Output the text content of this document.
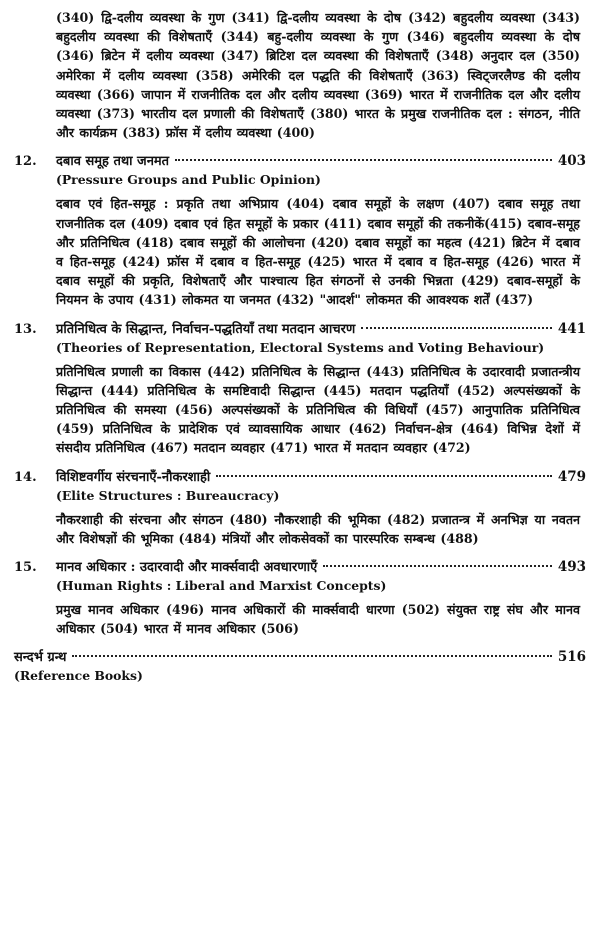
(340) द्वि-दलीय व्यवस्था के गुण (341) द्वि-दलीय व्यवस्था के दोष (342) बहुदलीय व्यवस्था (343) बहुदलीय व्यवस्था की विशेषताएँ (344) बहु-दलीय व्यवस्था के गुण (346) बहुदलीय व्यवस्था के दोष (346) ब्रिटेन में दलीय व्यवस्था (347) ब्रिटिश दल व्यवस्था की विशेषताएँ (348) अनुदार दल (350) अमेरिका में दलीय व्यवस्था (358) अमेरिकी दल पद्धति की विशेषताएँ (363) स्विट्जरलैण्ड की दलीय व्यवस्था (366) जापान में राजनीतिक दल और दलीय व्यवस्था (369) भारत में राजनीतिक दल और दलीय व्यवस्था (373) भारतीय दल प्रणाली की विशेषताएँ (380) भारत के प्रमुख राजनीतिक दल : संगठन, नीति और कार्यक्रम (383) फ्रॉस में दलीय व्यवस्था (400)

12.	दबाव समूह तथा जनमत	403
(Pressure Groups and Public Opinion)

दबाव एवं हित-समूह : प्रकृति तथा अभिप्राय (404) दबाव समूहों के लक्षण (407) दबाव समूह तथा राजनीतिक दल (409) दबाव एवं हित समूहों के प्रकार (411) दबाव समूहों की तकनीकें(415) दबाव-समूह और प्रतिनिधित्व (418) दबाव समूहों की आलोचना (420) दबाव समूहों का महत्व (421) ब्रिटेन में दबाव व हित-समूह (424) फ्रॉस में दबाव व हित-समूह (425) भारत में दबाव व हित-समूह (426) भारत में दबाव समूहों की प्रकृति, विशेषताएँ और पाश्चात्य हित संगठनों से उनकी भिन्नता (429) दबाव-समूहों के नियमन के उपाय (431) लोकमत या जनमत (432) "आदर्श" लोकमत की आवश्यक शर्तें (437)

13.	प्रतिनिधित्व के सिद्धान्त, निर्वाचन-पद्धतियाँ तथा मतदान आचरण	441
(Theories of Representation, Electoral Systems and Voting Behaviour)

प्रतिनिधित्व प्रणाली का विकास (442) प्रतिनिधित्व के सिद्धान्त (443) प्रतिनिधित्व के उदारवादी प्रजातन्त्रीय सिद्धान्त (444) प्रतिनिधित्व के समष्टिवादी सिद्धान्त (445) मतदान पद्धतियाँ (452) अल्पसंख्यकों के प्रतिनिधित्व की समस्या (456) अल्पसंख्यकों के प्रतिनिधित्व की विधियाँ (457) आनुपातिक प्रतिनिधित्व (459) प्रतिनिधित्व के प्रादेशिक एवं व्यावसायिक आधार (462) निर्वाचन-क्षेत्र (464) विभिन्न देशों में संसदीय प्रतिनिधित्व (467) मतदान व्यवहार (471) भारत में मतदान व्यवहार (472)

14.	विशिष्टवर्गीय संरचनाएँ-नौकरशाही	479
(Elite Structures : Bureaucracy)

नौकरशाही की संरचना और संगठन (480) नौकरशाही की भूमिका (482) प्रजातन्त्र में अनभिज्ञ या नवतन और विशेषज्ञों की भूमिका (484) मंत्रियों और लोकसेवकों का पारस्परिक सम्बन्ध (488)

15.	मानव अधिकार : उदारवादी और मार्क्सवादी अवधारणाएँ	493
(Human Rights : Liberal and Marxist Concepts)

प्रमुख मानव अधिकार (496) मानव अधिकारों की मार्क्सवादी धारणा (502) संयुक्त राष्ट्र संघ और मानव अधिकार (504) भारत में मानव अधिकार (506)

सन्दर्भ ग्रन्थ	516
(Reference Books)
